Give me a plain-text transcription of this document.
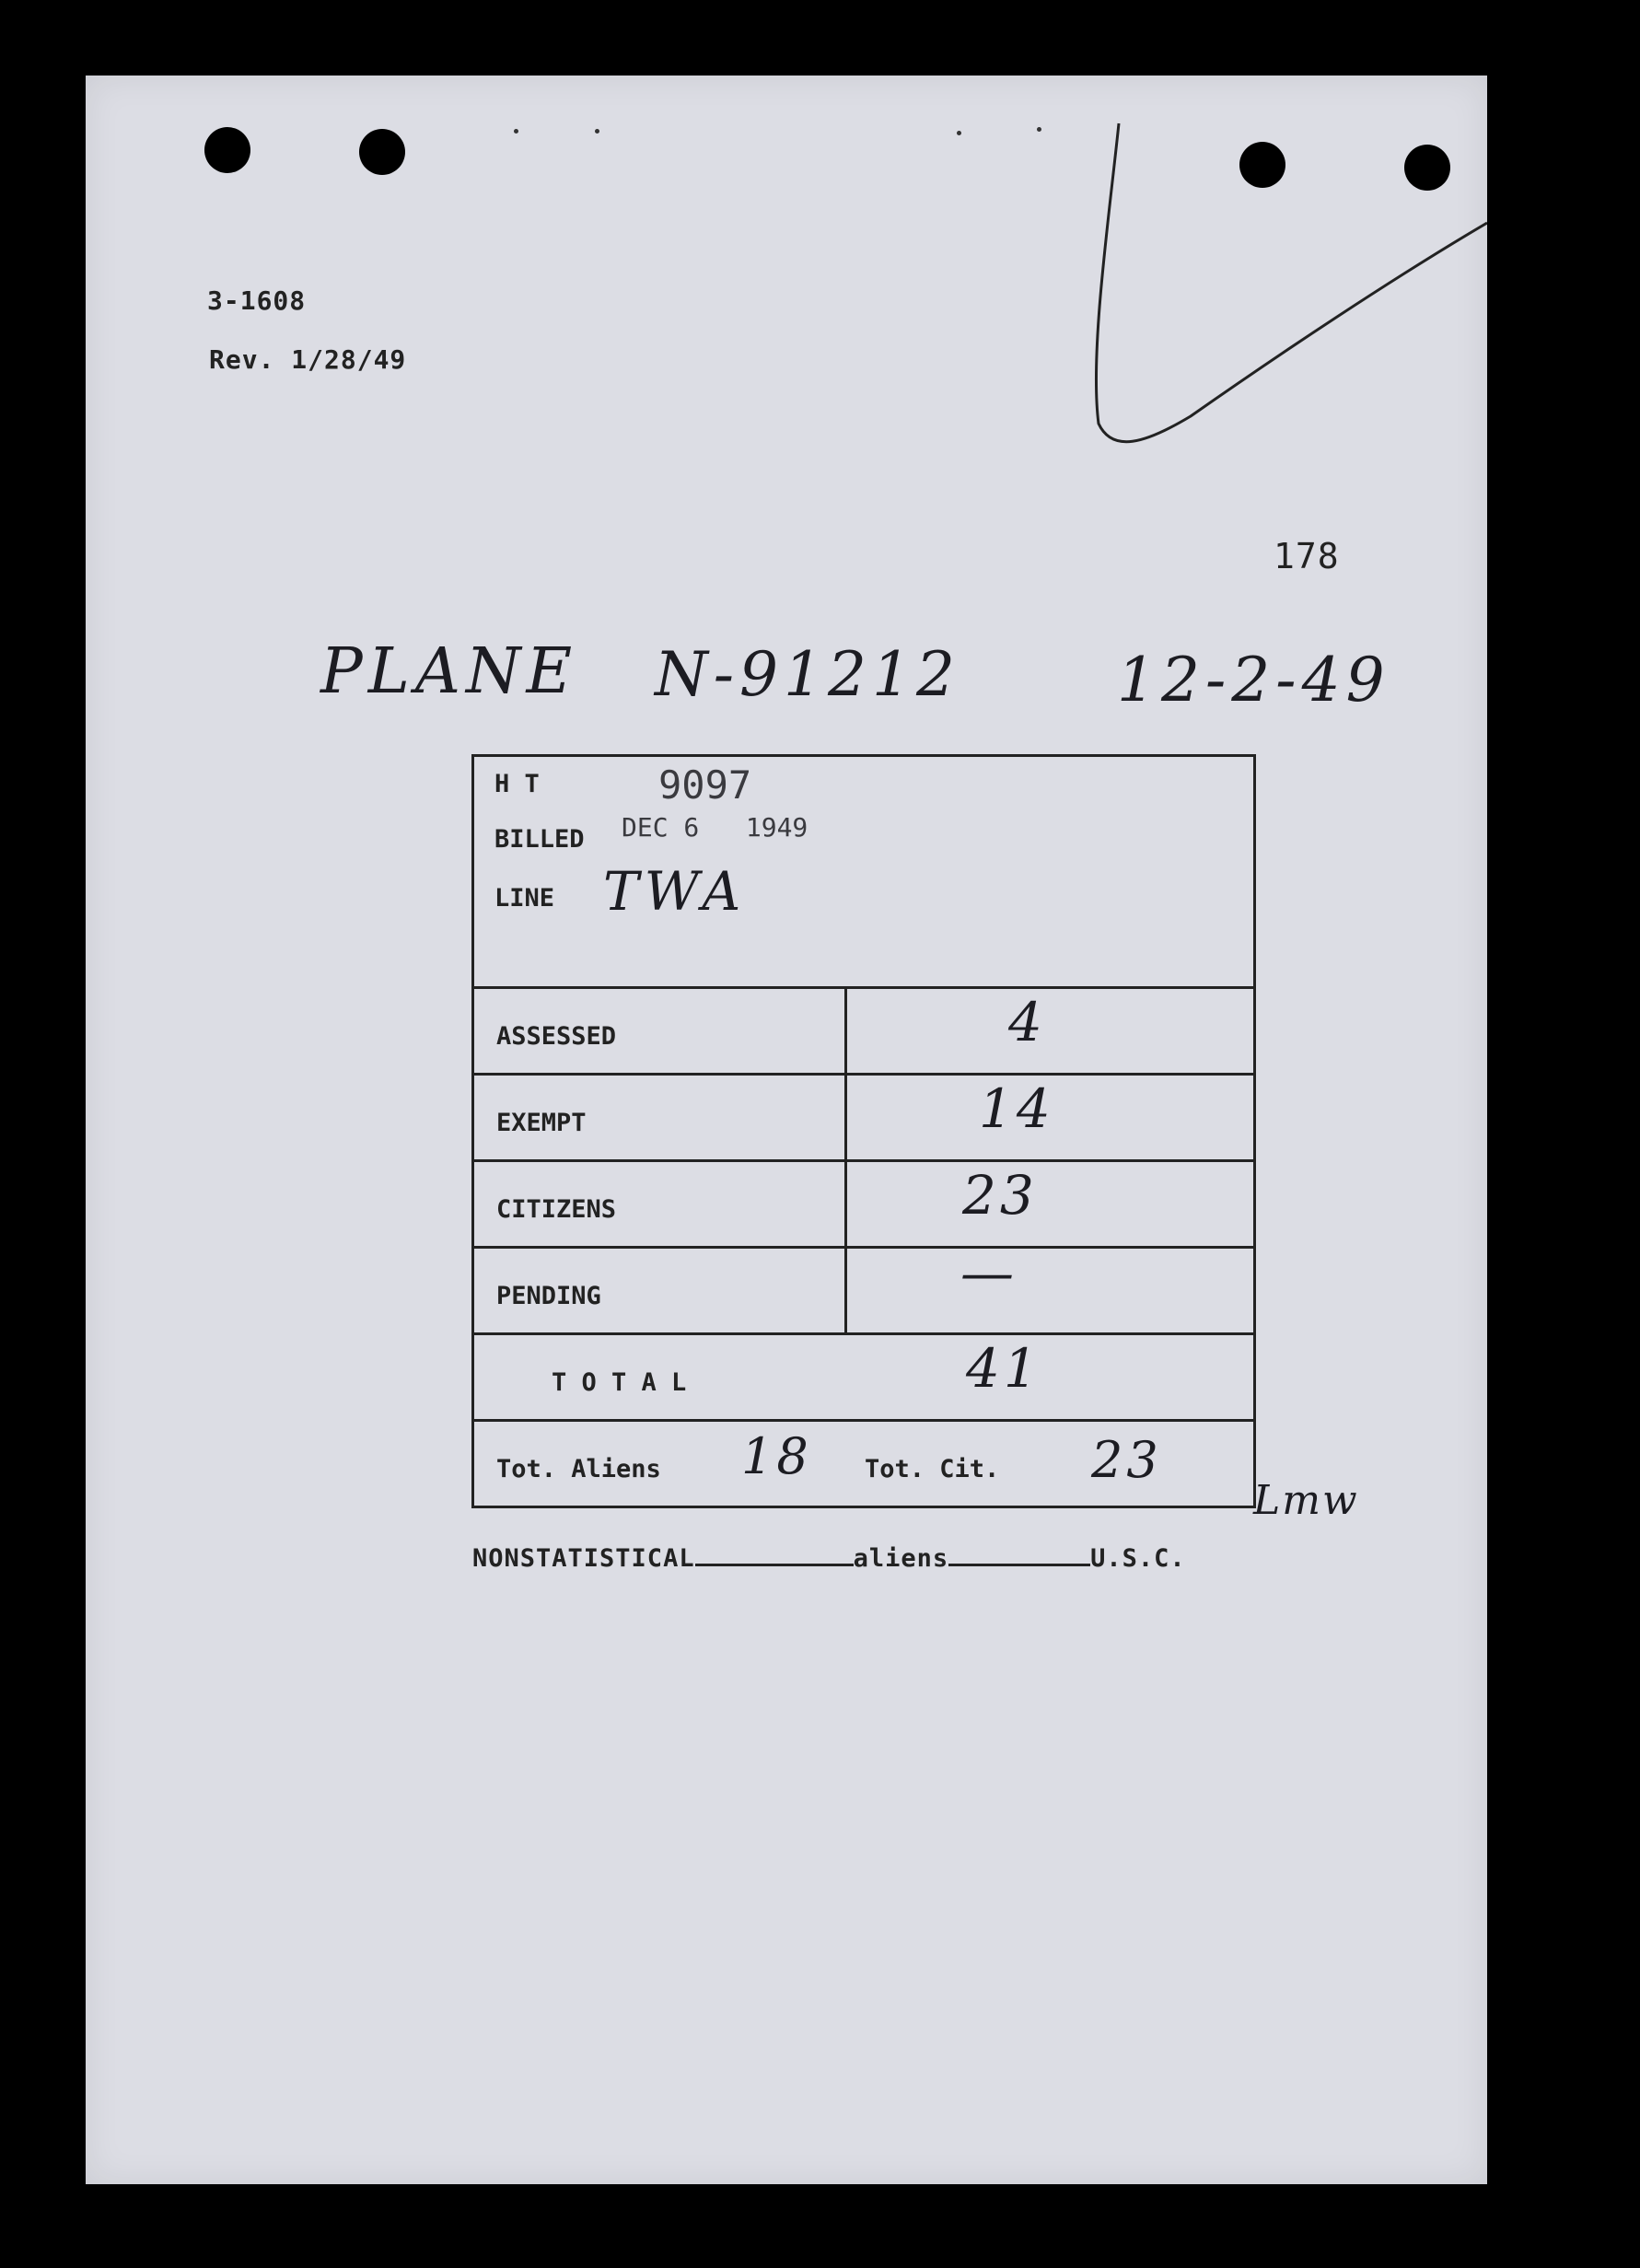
3-1608
Rev. 1/28/49
178
PLANE N-91212	12-2-49
H T	9097
BILLED DEC 6   1949
LINE TWA
ASSESSED	4
EXEMPT	14
CITIZENS	23
PENDING	—
T O T A L	41
Tot. Aliens 18 Tot. Cit. 23
Lmw
NONSTATISTICAL	aliens	U.S.C.
